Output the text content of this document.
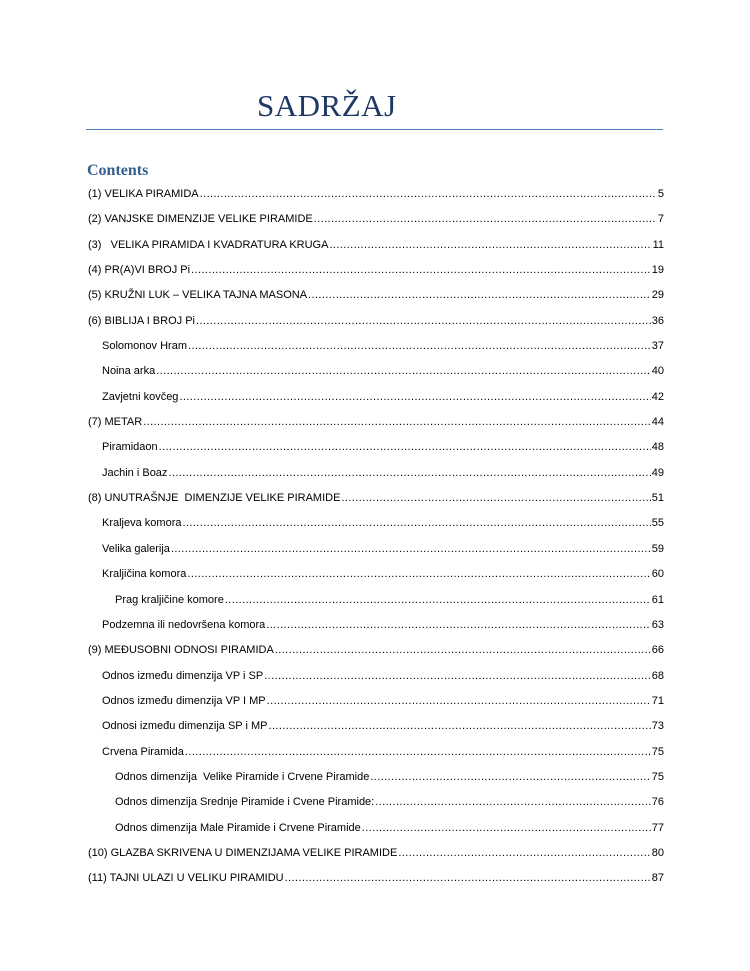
SADRŽAJ
Contents
(1) VELIKA PIRAMIDA .....	5
(2) VANJSKE DIMENZIJE VELIKE PIRAMIDE .....	7
(3)   VELIKA PIRAMIDA I KVADRATURA KRUGA .....	11
(4) PR(A)VI BROJ Pi .....	19
(5) KRUŽNI LUK – VELIKA TAJNA MASONA .....	29
(6) BIBLIJA I BROJ Pi .....	36
Solomonov Hram .....	37
Noina arka .....	40
Zavjetni kovčeg .....	42
(7) METAR .....	44
Piramidaon .....	48
Jachin i Boaz .....	49
(8) UNUTRAŠNJE  DIMENZIJE VELIKE PIRAMIDE .....	51
Kraljeva komora .....	55
Velika galerija .....	59
Kraljičina komora .....	60
Prag kraljičine komore .....	61
Podzemna ili nedovršena komora .....	63
(9) MEĐUSOBNI ODNOSI PIRAMIDA .....	66
Odnos između dimenzija VP i SP .....	68
Odnos između dimenzija VP I MP .....	71
Odnosi između dimenzija SP i MP .....	73
Crvena Piramida .....	75
Odnos dimenzija  Velike Piramide i Crvene Piramide .....	75
Odnos dimenzija Srednje Piramide i Cvene Piramide: .....	76
Odnos dimenzija Male Piramide i Crvene Piramide .....	77
(10) GLAZBA SKRIVENA U DIMENZIJAMA VELIKE PIRAMIDE .....	80
(11) TAJNI ULAZI U VELIKU PIRAMIDU .....	87
